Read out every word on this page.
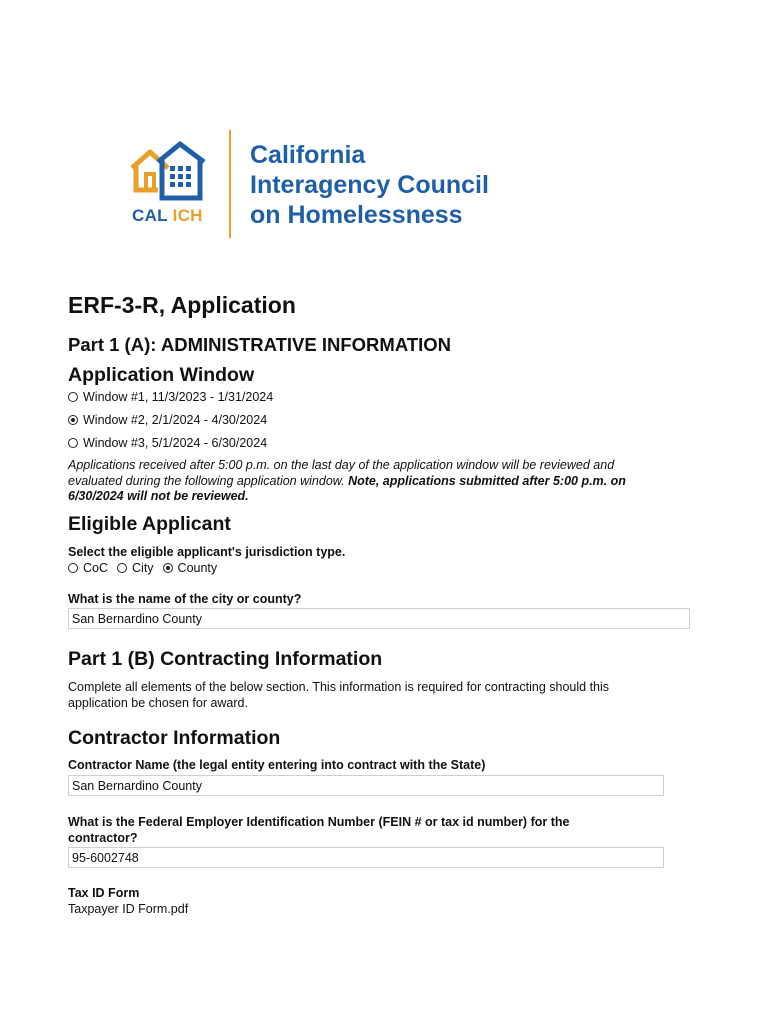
CAL ICH
California
Interagency Council
on Homelessness
ERF-3-R, Application
Part 1 (A): ADMINISTRATIVE INFORMATION
Application Window
Window #1, 11/3/2023 - 1/31/2024
Window #2, 2/1/2024 - 4/30/2024
Window #3, 5/1/2024 - 6/30/2024
Applications received after 5:00 p.m. on the last day of the application window will be reviewed and evaluated during the following application window. Note, applications submitted after 5:00 p.m. on 6/30/2024 will not be reviewed.
Eligible Applicant
Select the eligible applicant's jurisdiction type.
CoC City County
What is the name of the city or county?
San Bernardino County
Part 1 (B) Contracting Information
Complete all elements of the below section. This information is required for contracting should this application be chosen for award.
Contractor Information
Contractor Name (the legal entity entering into contract with the State)
San Bernardino County
What is the Federal Employer Identification Number (FEIN # or tax id number) for the contractor?
95-6002748
Tax ID Form
Taxpayer ID Form.pdf
